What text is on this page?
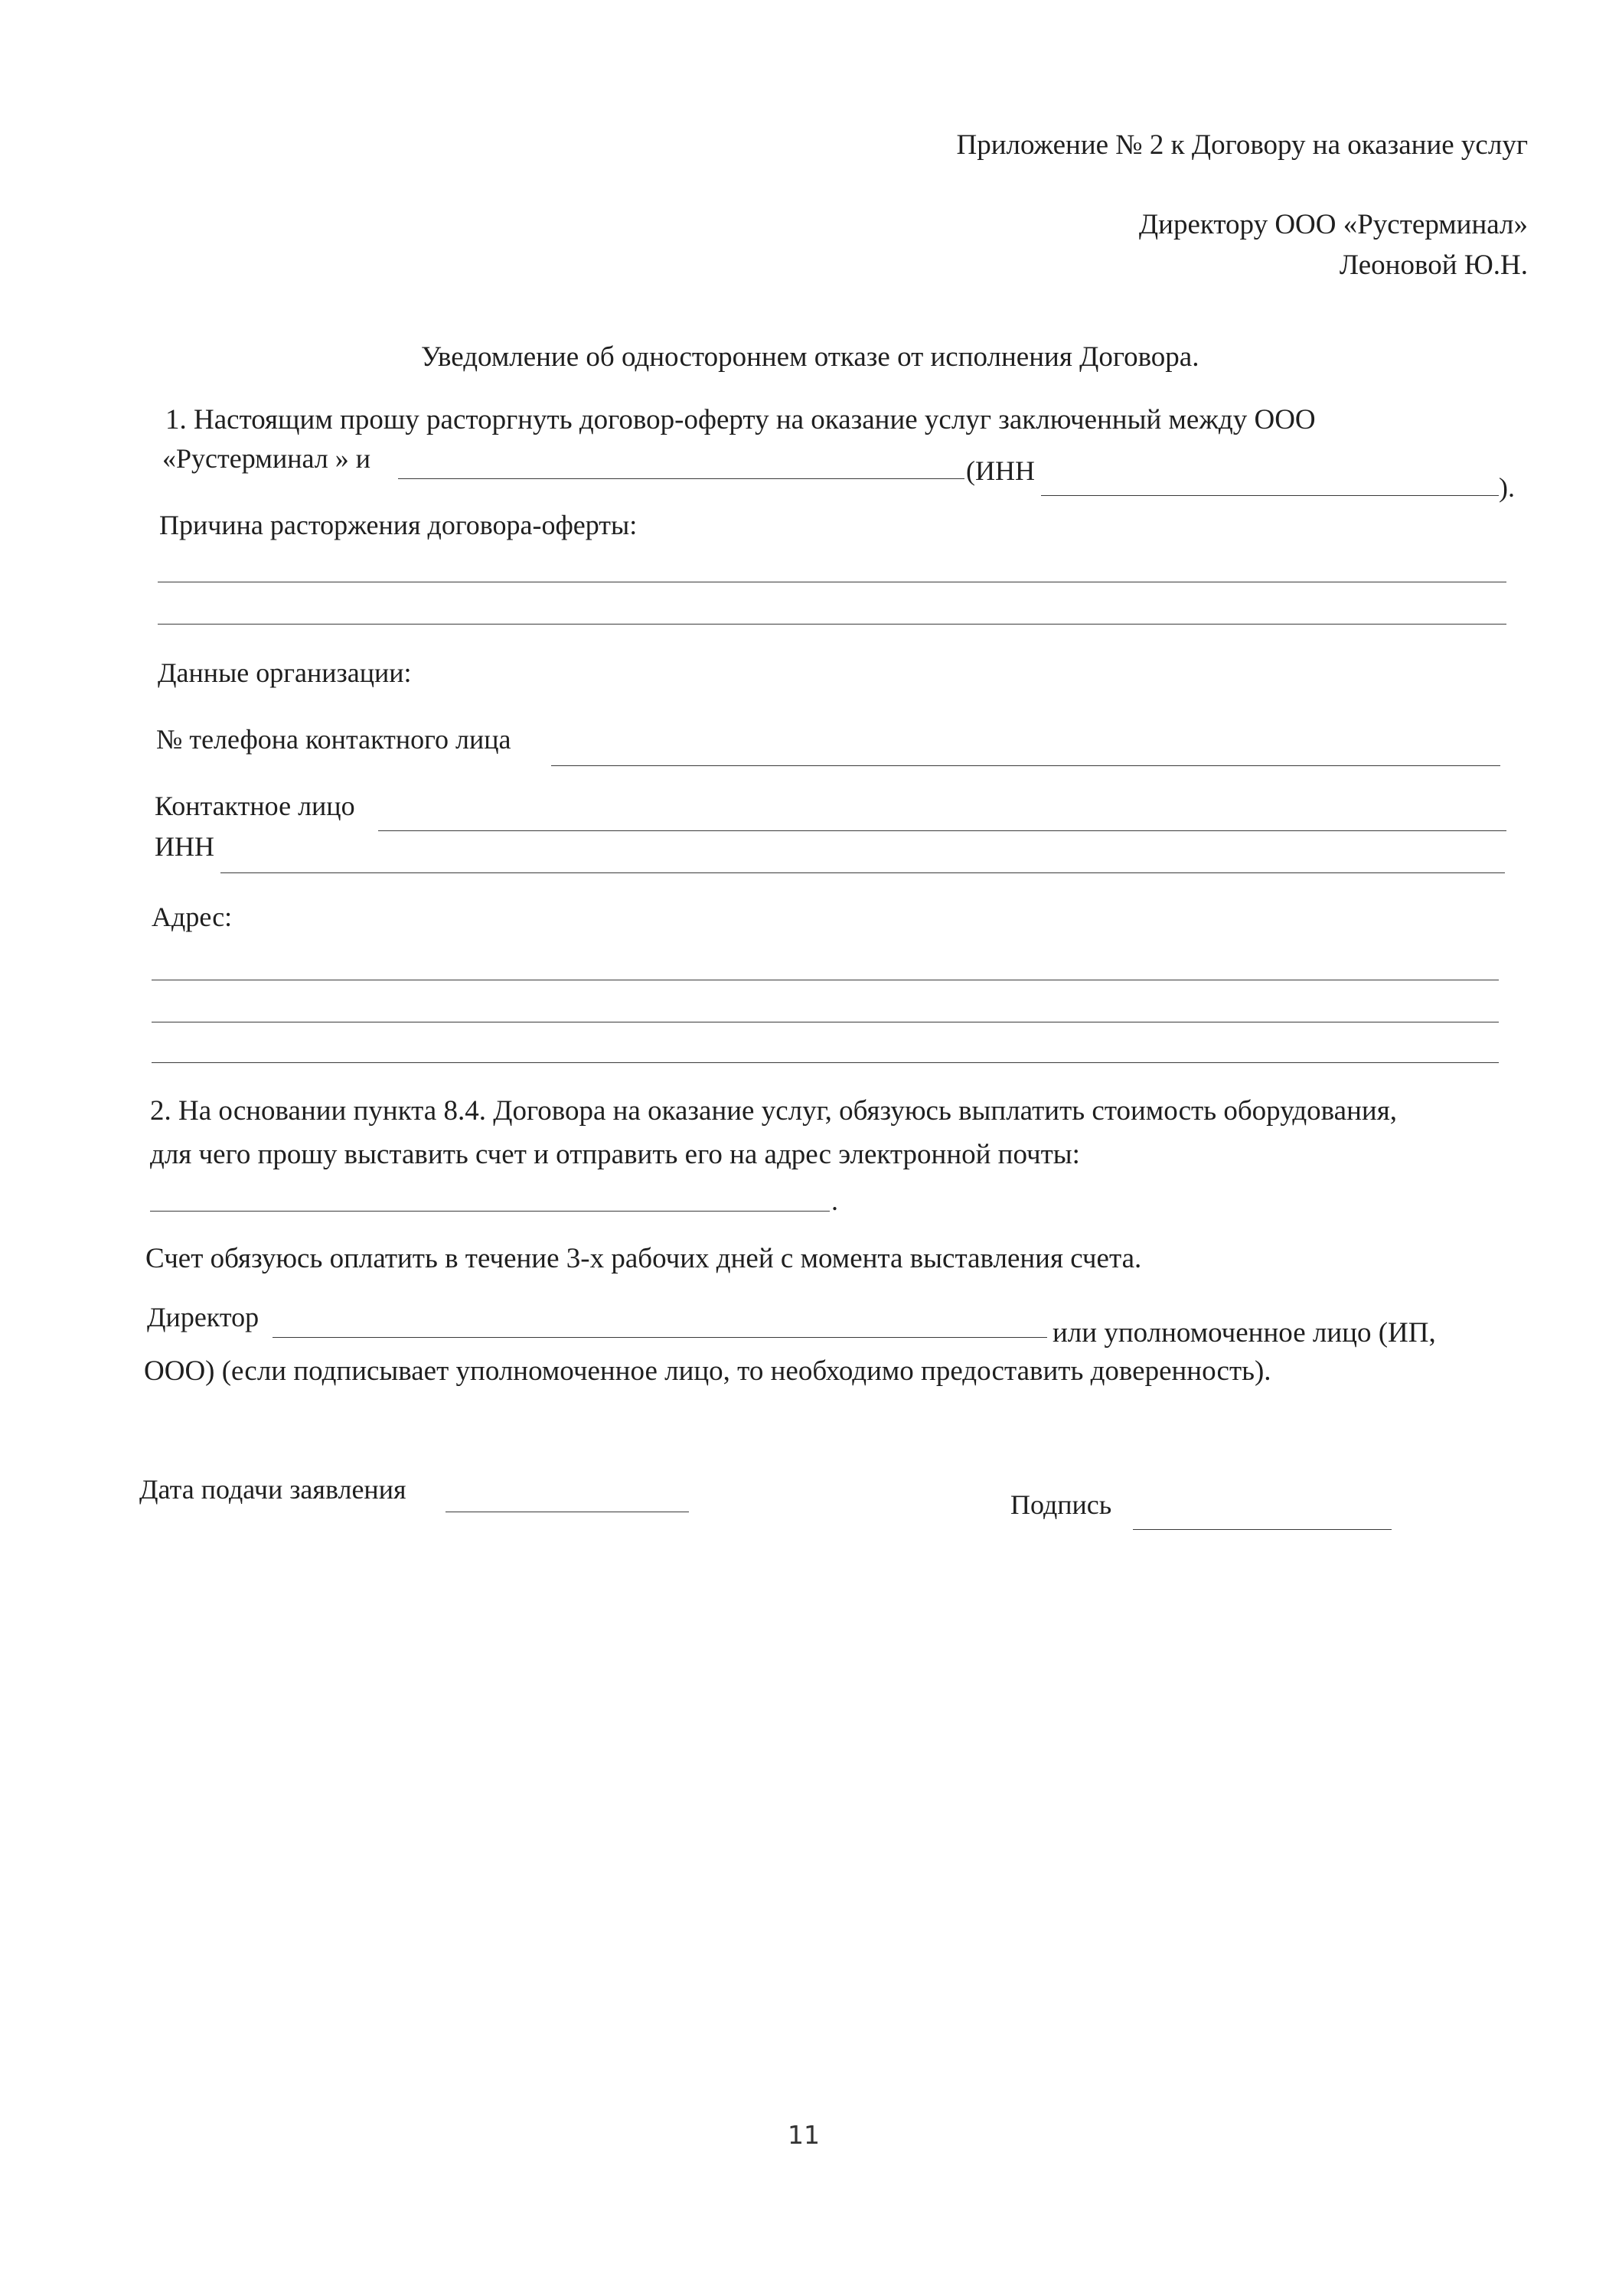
Приложение № 2 к Договору на оказание услуг

Директору ООО «Рустерминал»

Леоновой Ю.Н.

Уведомление об одностороннем отказе от исполнения Договора.

1. Настоящим прошу расторгнуть договор-оферту на оказание услуг заключенный между ООО

«Рустерминал » и	(ИНН

).

Причина расторжения договора-оферты:

Данные организации:

№ телефона контактного лица

Контактное лицо

ИНН

Адрес:

2. На основании пункта 8.4. Договора на оказание услуг, обязуюсь выплатить стоимость оборудования,

для чего прошу выставить счет и отправить его на адрес электронной почты:

.

Счет обязуюсь оплатить в течение 3-х рабочих дней с момента выставления счета.

Директор	или уполномоченное лицо (ИП,

ООО) (если подписывает уполномоченное лицо, то необходимо предоставить доверенность).

Дата подачи заявления	Подпись

11
